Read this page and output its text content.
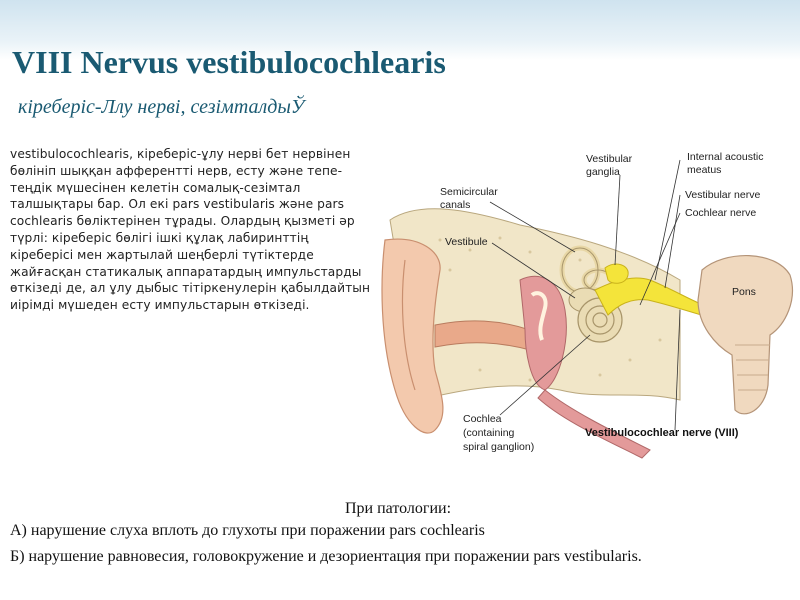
VIII Nervus vestibulocochlearis
кіреберіс-Ллу нерві, сезімталдыЎ

vestibulocochlearis, кіреберіс-ұлу нерві бет нервінен бөлініп шыққан афферентті нерв, есту және тепе-теңдік мүшесінен келетін сомалық-сезімтал талшықтары бар. Ол екі pars vestibularis және pars cochlearis бөліктерінен тұрады. Олардың қызметі әр түрлі: кіреберіс бөлігі ішкі құлақ лабиринттің кіреберісі мен жартылай шеңберлі түтіктерде жайғасқан статикалық аппаратардың импульстарды өткізеді де, ал ұлу дыбыс тітіркенулерін қабылдайтын иірімді мүшеден есту импульстарын өткізеді.

Vestibular
ganglia
Internal acoustic
meatus
Semicircular
canals
Vestibular nerve
Cochlear nerve
Vestibule
Pons
Cochlea
(containing
spiral ganglion)
Vestibulocochlear nerve (VIII)
При патологии:
А) нарушение слуха вплоть до глухоты при поражении pars cochlearis
Б) нарушение равновесия, головокружение и дезориентация при поражении pars vestibularis.
